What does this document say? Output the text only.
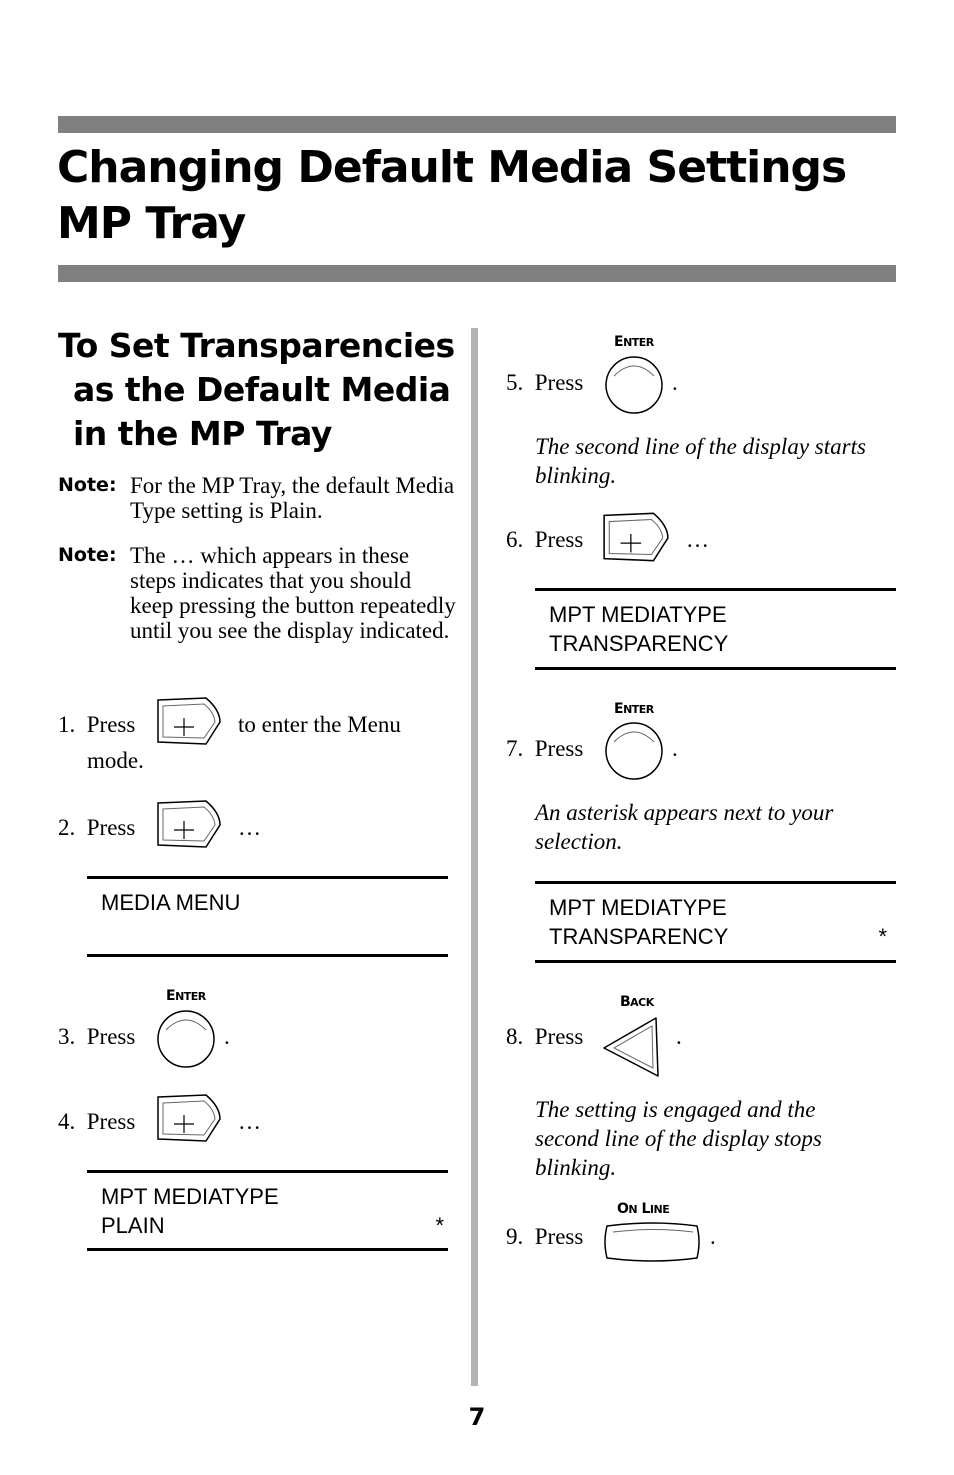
Changing Default Media Settings
MP Tray
To Set Transparencies
as the Default Media
in the MP Tray
Note: For the MP Tray, the default Media Type setting is Plain.
Note: The … which appears in these steps indicates that you should keep pressing the button repeatedly until you see the display indicated.
1. Press	to enter the Menu
mode.
2. Press	…
MEDIA MENU
ENTER
3. Press	.
4. Press	…
MPT MEDIATYPE
PLAIN	*
ENTER
5. Press	.
The second line of the display starts
blinking.
6. Press	…
MPT MEDIATYPE
TRANSPARENCY
ENTER
7. Press	.
An asterisk appears next to your
selection.
MPT MEDIATYPE
TRANSPARENCY	*
BACK
8. Press	.
The setting is engaged and the
second line of the display stops
blinking.
ON LINE
9. Press	.
7
